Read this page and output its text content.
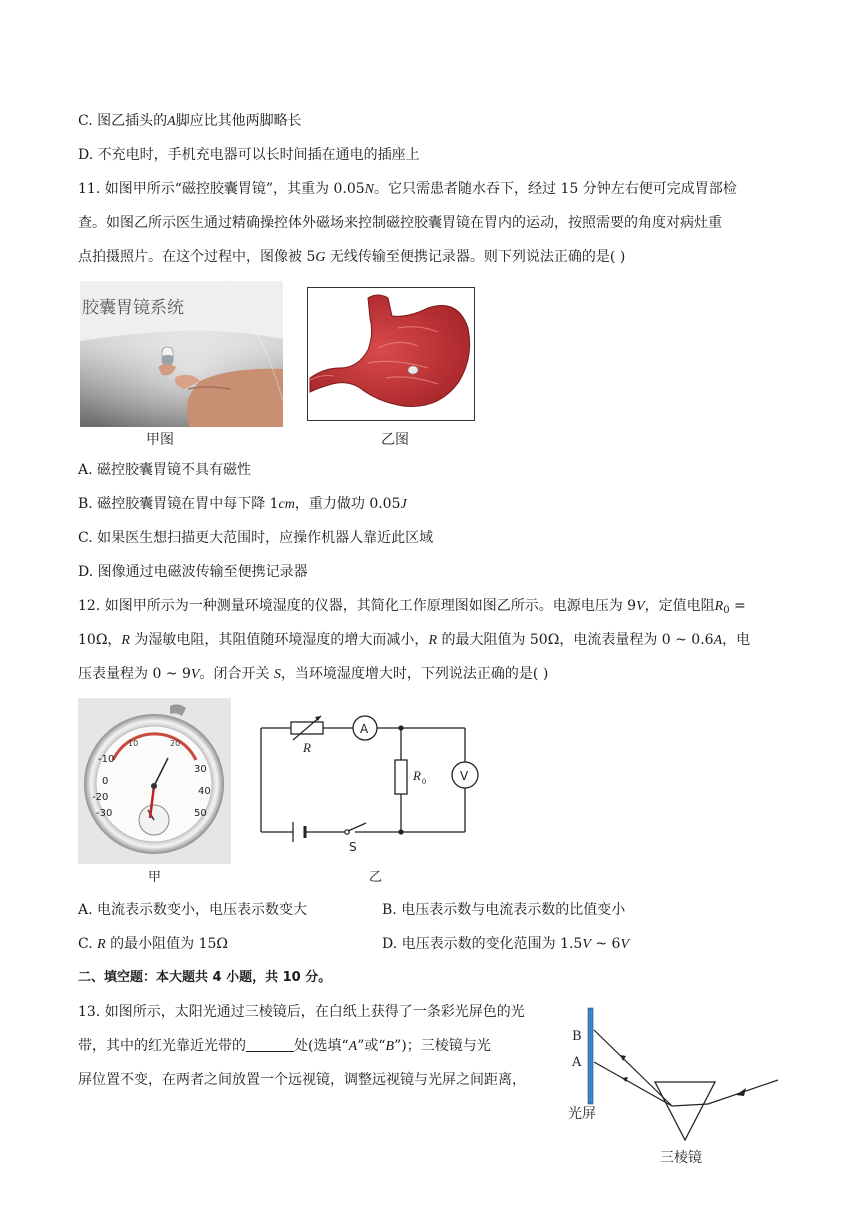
C. 图乙插头的A脚应比其他两脚略长
D. 不充电时，手机充电器可以长时间插在通电的插座上
11. 如图甲所示“磁控胶囊胃镜”，其重为 0.05N。它只需患者随水吞下，经过 15 分钟左右便可完成胃部检
查。如图乙所示医生通过精确操控体外磁场来控制磁控胶囊胃镜在胃内的运动，按照需要的角度对病灶重
点拍摄照片。在这个过程中，图像被 5G 无线传输至便携记录器。则下列说法正确的是( )
胶囊胃镜系统
甲图	乙图
A. 磁控胶囊胃镜不具有磁性
B. 磁控胶囊胃镜在胃中每下降 1cm，重力做功 0.05J
C. 如果医生想扫描更大范围时，应操作机器人靠近此区域
D. 图像通过电磁波传输至便携记录器
12. 如图甲所示为一种测量环境湿度的仪器，其简化工作原理图如图乙所示。电源电压为 9V，定值电阻$R_0$ =
10Ω，R 为湿敏电阻，其阻值随环境湿度的增大而减小，R 的最大阻值为 50Ω，电流表量程为 0 ~ 0.6A，电
压表量程为 0 ~ 9V。闭合开关 S，当环境湿度增大时，下列说法正确的是( )
-10
0
-20
-30
30
40
50
10	20
甲
R
A
R 0	V
S
乙
A. 电流表示数变小，电压表示数变大	B. 电压表示数与电流表示数的比值变小
C. R 的最小阻值为 15Ω	D. 电压表示数的变化范围为 1.5V ~ 6V
二、填空题：本大题共 4 小题，共 10 分。
13. 如图所示，太阳光通过三棱镜后，在白纸上获得了一条彩光屏色的光
带，其中的红光靠近光带的	处(选填“A”或“B”)；三棱镜与光
屏位置不变，在两者之间放置一个远视镜，调整远视镜与光屏之间距离，
B
A
光屏
三棱镜
